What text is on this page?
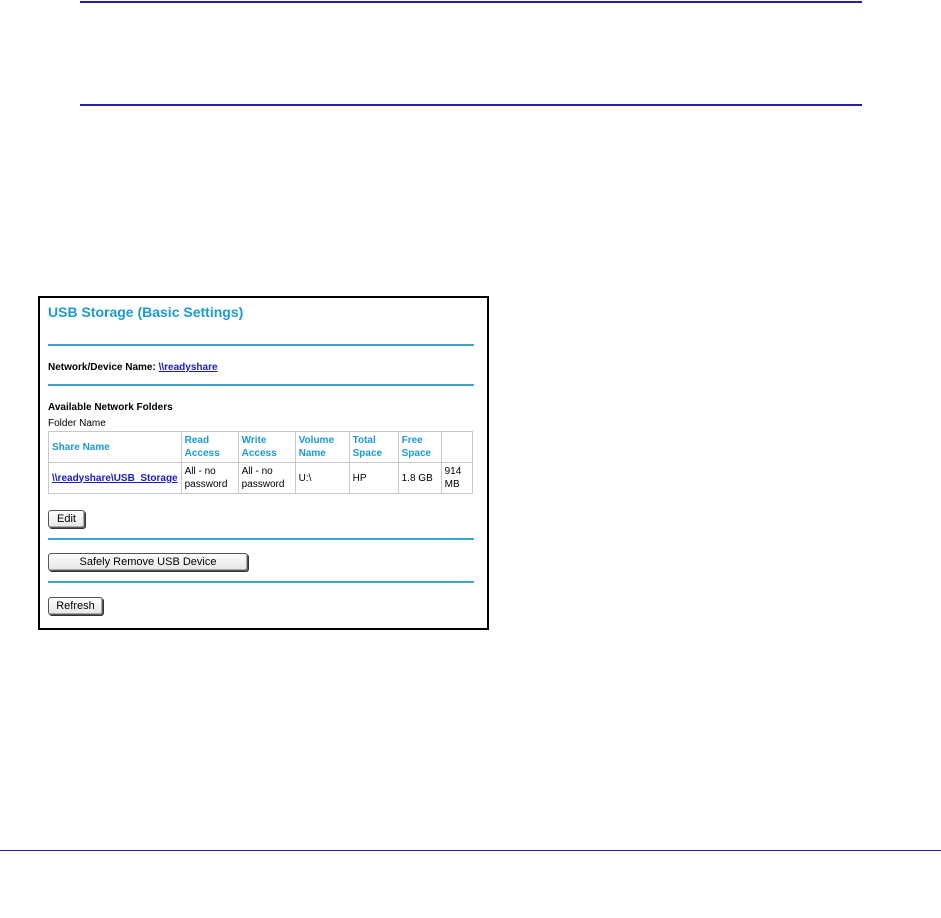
USB Storage (Basic Settings)
Network/Device Name: \\readyshare
Available Network Folders
Folder Name
Share Name	Read Access	Write Access	Volume Name	Total Space	Free Space	
\\readyshare\USB_Storage	All - no password	All - no password	U:\	HP	1.8 GB	914 MB
Edit
Safely Remove USB Device
Refresh
